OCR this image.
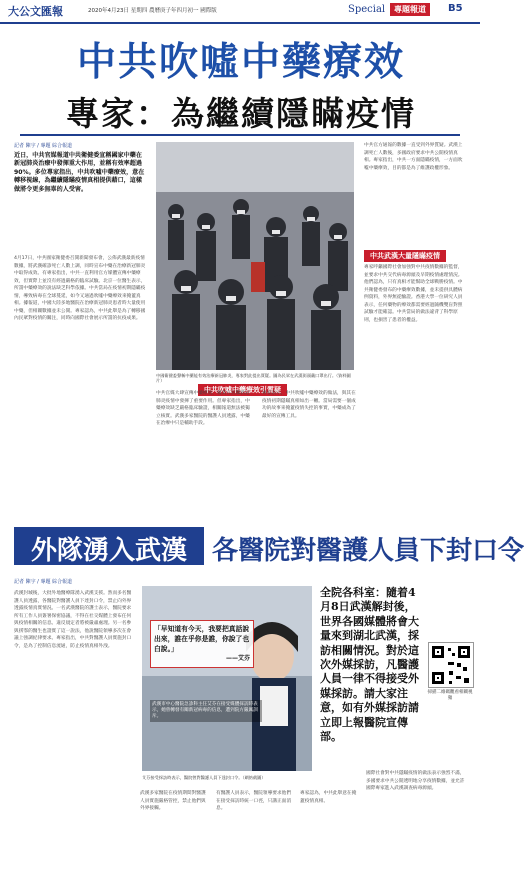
大公文匯報	2020年4月23日 星期四 農曆庚子年四月初一 國際版	Special	專題報道	B5
中共吹噓中藥療效
專家：為繼續隱瞞疫情
記者 陳宇 / 專題 綜合報道
近日，中共官媒報道中共衛健委宣稱國家中藥在新冠肺炎治療中發揮重大作用，並稱有效率超過90%。多位專家指出，中共吹噓中藥療效，意在轉移視線，為繼續隱瞞疫情真相提供藉口，這樣做將令更多無辜的人受害。
4月17日，中共國家衛健委召開新聞發布會，公佈武漢最新疫情數據，將武漢確診死亡人數上調，同時宣布中藥在治療新冠肺炎中取得成效。有專家指出，中共一直利用官方媒體宣傳中藥療效，但實際上並沒有經過嚴格的臨床試驗。北京一位醫生表示，所謂中藥療效的說法缺乏科學依據。中共當局在疫情初期隱瞞疫情，導致病毒在全球蔓延，如今又通過吹噓中藥療效來掩蓋真相。據報道，中國大陸多地醫院在治療新冠肺炎患者時大量使用中藥，但相關數據並未公開。專家認為，中共此舉是為了轉移國內民眾對疫情的關注，同時向國際社會展示所謂的抗疫成果。
中國衛健委聲稱中藥能有效治療新冠肺炎，專家對此提出質疑。圖為民眾在武漢街頭戴口罩出行。（資料圖片）
中共吹噓中藥療效引質疑
中共官媒大肆宣傳中藥療效，稱其在抗擊新冠肺炎疫情中發揮了重要作用。但專家指出，中藥療效缺乏嚴格臨床驗證，相關報道無法被獨立核實。武漢多家醫院的醫護人員透露，中藥在治療中只是輔助手段。
專家表示，中共吹噓中藥療效的做法，與其在疫情初期隱瞞真相如出一轍。當局需要一個成功的故事來掩蓋疫情失控的事實，中藥成為了最好的宣傳工具。
中共官方通報的數據一直受到外界質疑。武漢上調死亡人數後，多國政府要求中共公開疫情真相。專家指出，中共一方面隱瞞疫情，一方面吹噓中藥療效，目的都是為了維護政權形象。
中共武漢大量隱瞞疫情
專家呼籲國際社會加強對中共疫情數據的監督，並要求中共交代病毒源頭及早期疫情處理情況。他們認為，只有真相才能幫助全球戰勝疫情。中共衛健委發布的中藥療效數據，並未提供具體病例資料，外界無從驗證。香港大學一位研究人員表示，任何藥物的療效都需要經過隨機雙盲對照試驗才能確認。中共當局的做法違背了科學原則，也損害了患者的權益。
外隊湧入武漢 各醫院對醫護人員下封口令
記者 陳宇 / 專題 綜合報道
武漢封城後，大批外地醫療隊湧入武漢支援。然而多名醫護人員透露，各醫院對醫護人員下達封口令，禁止向外界透露疫情真實情況。一名武漢醫院的護士表示，醫院要求所有工作人員簽署保密協議，不得在社交媒體上發布任何與疫情相關的信息。違反規定者將被嚴肅處理。另一名參與援鄂的醫生也證實了這一說法，他說醫院領導多次在會議上強調紀律要求。專家指出，中共對醫護人員實施封口令，是為了控制信息流通，防止疫情真相外洩。
「早知道有今天，我要把真話說出來，誰在乎你是誰，你說了也白說。」
——艾芬
武漢市中心醫院急診科主任艾芬在接受媒體採訪時表示，她曾轉發有關新冠病毒的信息，遭到院方嚴厲訓斥。
艾芬接受採訪時表示，醫院曾對醫護人員下達封口令。（網絡截圖）
全院各科室：隨着4月8日武漢解封後，世界各國媒體將會大量來到湖北武漢，採訪相關情況。對於這次外媒採訪，凡醫護人員一律不得接受外媒採訪。請大家注意，如有外媒採訪請立即上報醫院宣傳部。
掃描二維碼觀看相關視頻
武漢多家醫院在疫情期間對醫護人員實施嚴格管控，禁止他們與外界接觸。
有醫護人員表示，醫院領導要求他們在接受採訪時統一口徑，只講正面消息。
專家認為，中共此舉意在掩蓋疫情真相。
國際社會對中共隱瞞疫情的做法表示強烈不滿，多國要求中共公開透明地分享疫情數據，並允許國際專家進入武漢調查病毒源頭。
